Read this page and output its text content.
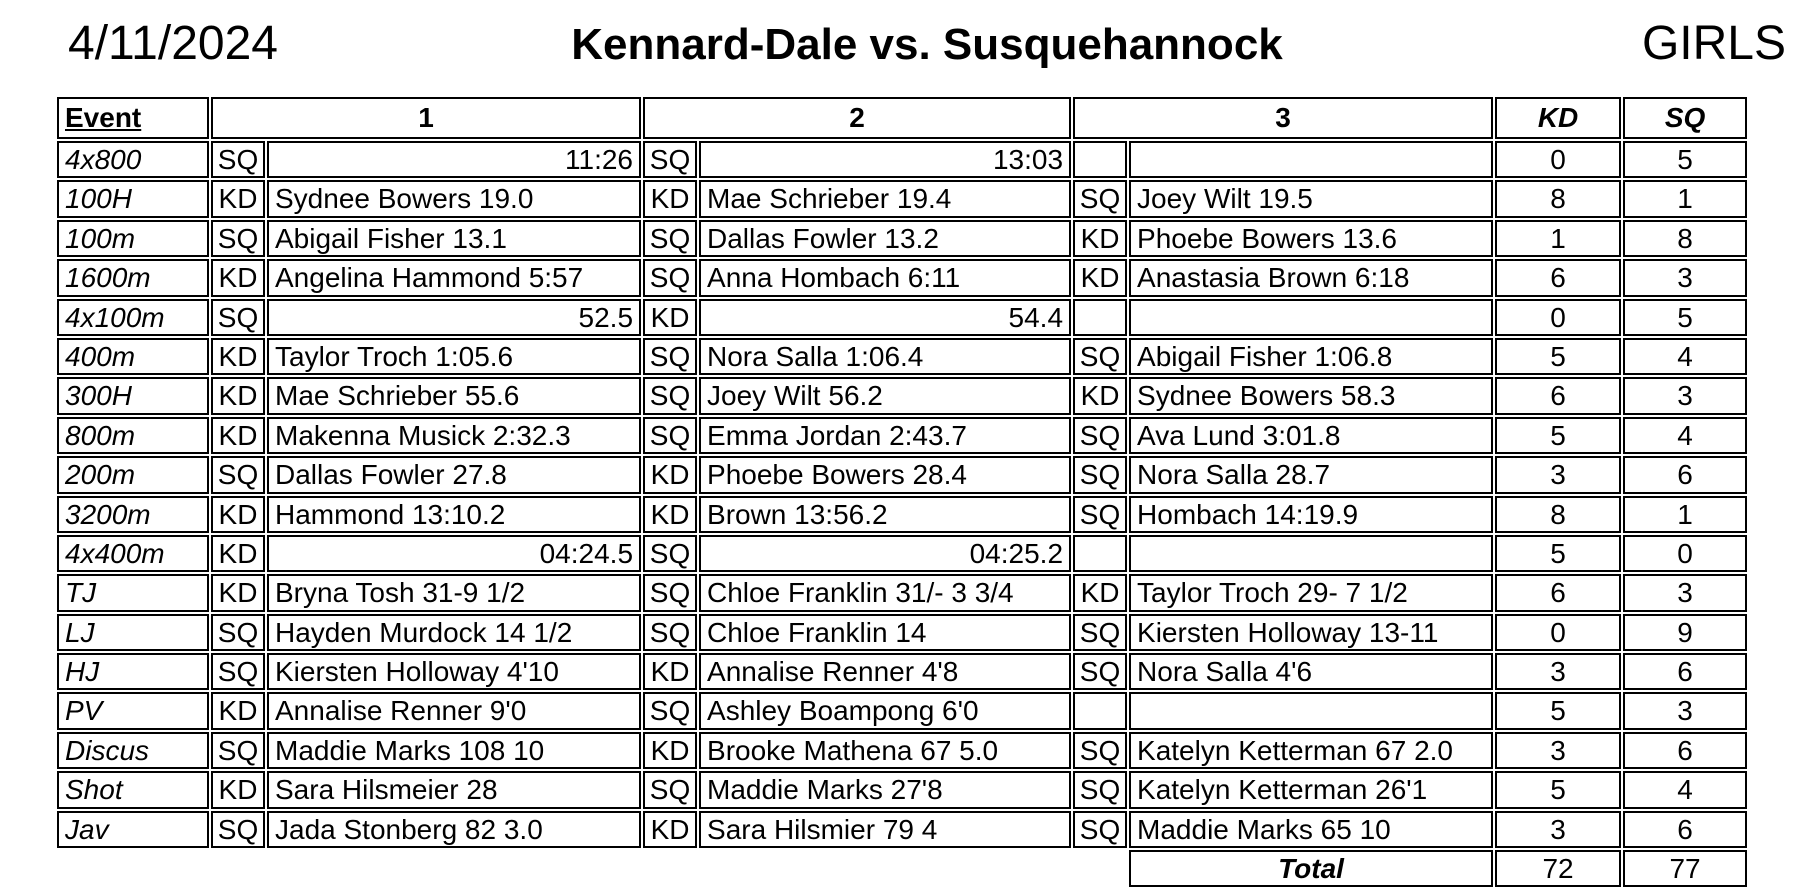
4/11/2024	Kennard-Dale vs. Susquehannock	GIRLS
Event	1		2		3		KD	SQ
4x800	SQ	11:26	SQ	13:03			0	5
100H	KD	Sydnee Bowers 19.0	KD	Mae Schrieber 19.4	SQ	Joey Wilt 19.5	8	1
100m	SQ	Abigail Fisher 13.1	SQ	Dallas Fowler 13.2	KD	Phoebe Bowers 13.6	1	8
1600m	KD	Angelina Hammond 5:57	SQ	Anna Hombach 6:11	KD	Anastasia Brown 6:18	6	3
4x100m	SQ	52.5	KD	54.4			0	5
400m	KD	Taylor Troch 1:05.6	SQ	Nora Salla 1:06.4	SQ	Abigail Fisher 1:06.8	5	4
300H	KD	Mae Schrieber 55.6	SQ	Joey Wilt 56.2	KD	Sydnee Bowers 58.3	6	3
800m	KD	Makenna Musick 2:32.3	SQ	Emma Jordan 2:43.7	SQ	Ava Lund 3:01.8	5	4
200m	SQ	Dallas Fowler 27.8	KD	Phoebe Bowers 28.4	SQ	Nora Salla 28.7	3	6
3200m	KD	Hammond 13:10.2	KD	Brown 13:56.2	SQ	Hombach 14:19.9	8	1
4x400m	KD	04:24.5	SQ	04:25.2			5	0
TJ	KD	Bryna Tosh 31-9 1/2	SQ	Chloe Franklin 31/- 3 3/4	KD	Taylor Troch 29- 7 1/2	6	3
LJ	SQ	Hayden Murdock 14 1/2	SQ	Chloe Franklin 14	SQ	Kiersten Holloway 13-11	0	9
HJ	SQ	Kiersten Holloway 4'10	KD	Annalise Renner 4'8	SQ	Nora Salla 4'6	3	6
PV	KD	Annalise Renner 9'0	SQ	Ashley Boampong 6'0			5	3
Discus	SQ	Maddie Marks 108 10	KD	Brooke Mathena 67 5.0	SQ	Katelyn Ketterman 67 2.0	3	6
Shot	KD	Sara Hilsmeier 28	SQ	Maddie Marks 27'8	SQ	Katelyn Ketterman 26'1	5	4
Jav	SQ	Jada Stonberg 82 3.0	KD	Sara Hilsmier 79 4	SQ	Maddie Marks 65 10	3	6
						Total	72	77
